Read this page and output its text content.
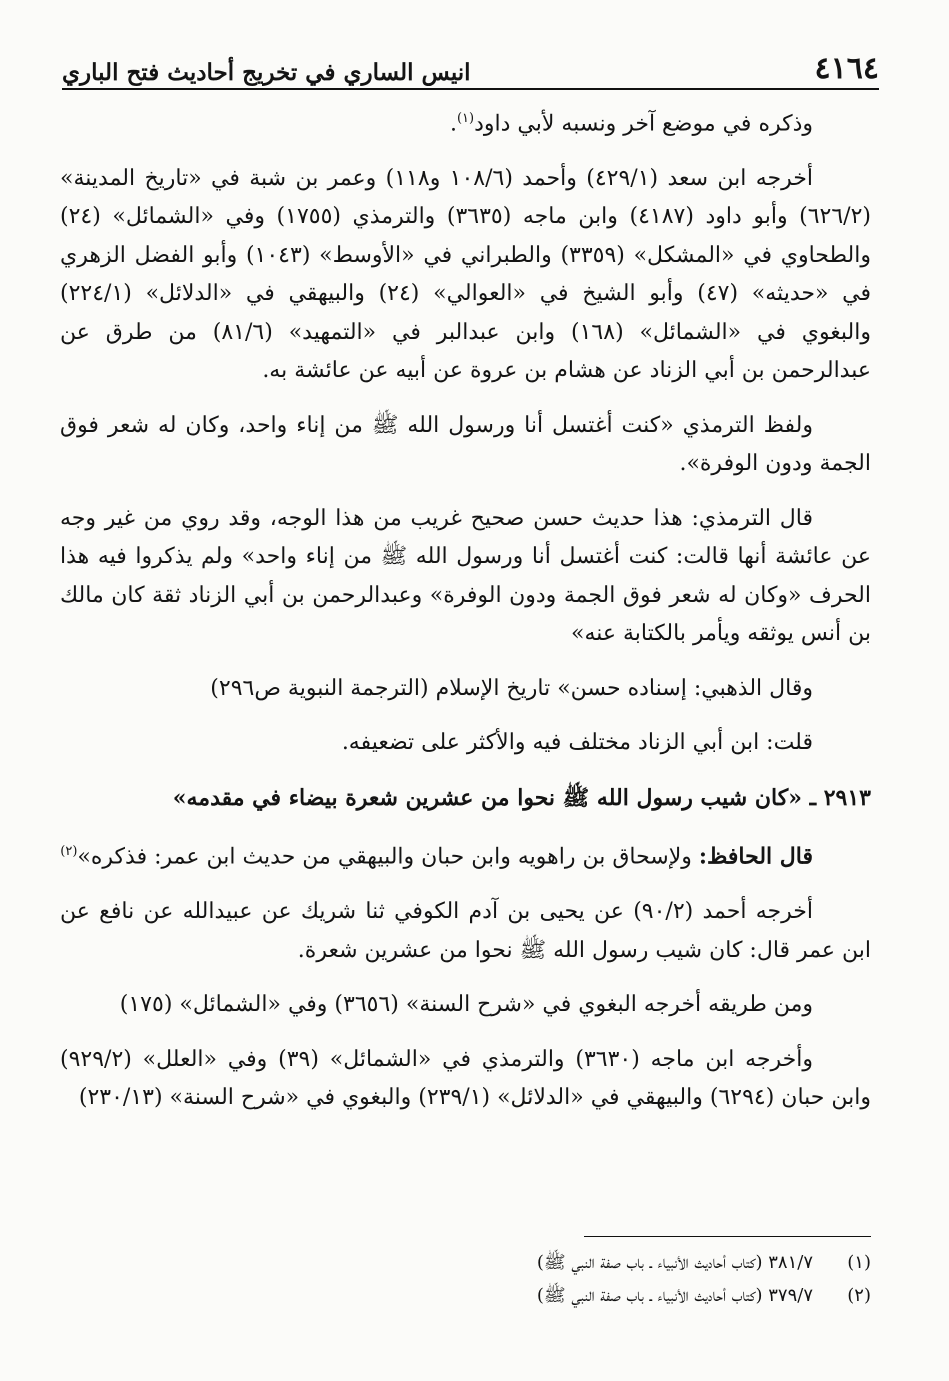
٤١٦٤
انيس الساري في تخريج أحاديث فتح الباري

وذكره في موضع آخر ونسبه لأبي داود$^{(١)}$.

أخرجه ابن سعد (٤٢٩/١) وأحمد (١٠٨/٦ و١١٨) وعمر بن شبة في «تاريخ المدينة» (٦٢٦/٢) وأبو داود (٤١٨٧) وابن ماجه (٣٦٣٥) والترمذي (١٧٥٥) وفي «الشمائل» (٢٤) والطحاوي في «المشكل» (٣٣٥٩) والطبراني في «الأوسط» (١٠٤٣) وأبو الفضل الزهري في «حديثه» (٤٧) وأبو الشيخ في «العوالي» (٢٤) والبيهقي في «الدلائل» (٢٢٤/١) والبغوي في «الشمائل» (١٦٨) وابن عبدالبر في «التمهيد» (٨١/٦) من طرق عن عبدالرحمن بن أبي الزناد عن هشام بن عروة عن أبيه عن عائشة به.

ولفظ الترمذي «كنت أغتسل أنا ورسول الله ﷺ من إناء واحد، وكان له شعر فوق الجمة ودون الوفرة».

قال الترمذي: هذا حديث حسن صحيح غريب من هذا الوجه، وقد روي من غير وجه عن عائشة أنها قالت: كنت أغتسل أنا ورسول الله ﷺ من إناء واحد» ولم يذكروا فيه هذا الحرف «وكان له شعر فوق الجمة ودون الوفرة» وعبدالرحمن بن أبي الزناد ثقة كان مالك بن أنس يوثقه ويأمر بالكتابة عنه»

وقال الذهبي: إسناده حسن» تاريخ الإسلام (الترجمة النبوية ص٢٩٦)

قلت: ابن أبي الزناد مختلف فيه والأكثر على تضعيفه.

٢٩١٣ ـ «كان شيب رسول الله ﷺ نحوا من عشرين شعرة بيضاء في مقدمه»

قال الحافظ: ولإسحاق بن راهويه وابن حبان والبيهقي من حديث ابن عمر: فذكره»$^{(٢)}$

أخرجه أحمد (٩٠/٢) عن يحيى بن آدم الكوفي ثنا شريك عن عبيدالله عن نافع عن ابن عمر قال: كان شيب رسول الله ﷺ نحوا من عشرين شعرة.

ومن طريقه أخرجه البغوي في «شرح السنة» (٣٦٥٦) وفي «الشمائل» (١٧٥)

وأخرجه ابن ماجه (٣٦٣٠) والترمذي في «الشمائل» (٣٩) وفي «العلل» (٩٢٩/٢) وابن حبان (٦٢٩٤) والبيهقي في «الدلائل» (٢٣٩/١) والبغوي في «شرح السنة» (٢٣٠/١٣)

(١)
٣٨١/٧ (كتاب أحاديث الأنبياء ـ باب صفة النبي ﷺ)
(٢)
٣٧٩/٧ (كتاب أحاديث الأنبياء ـ باب صفة النبي ﷺ)
